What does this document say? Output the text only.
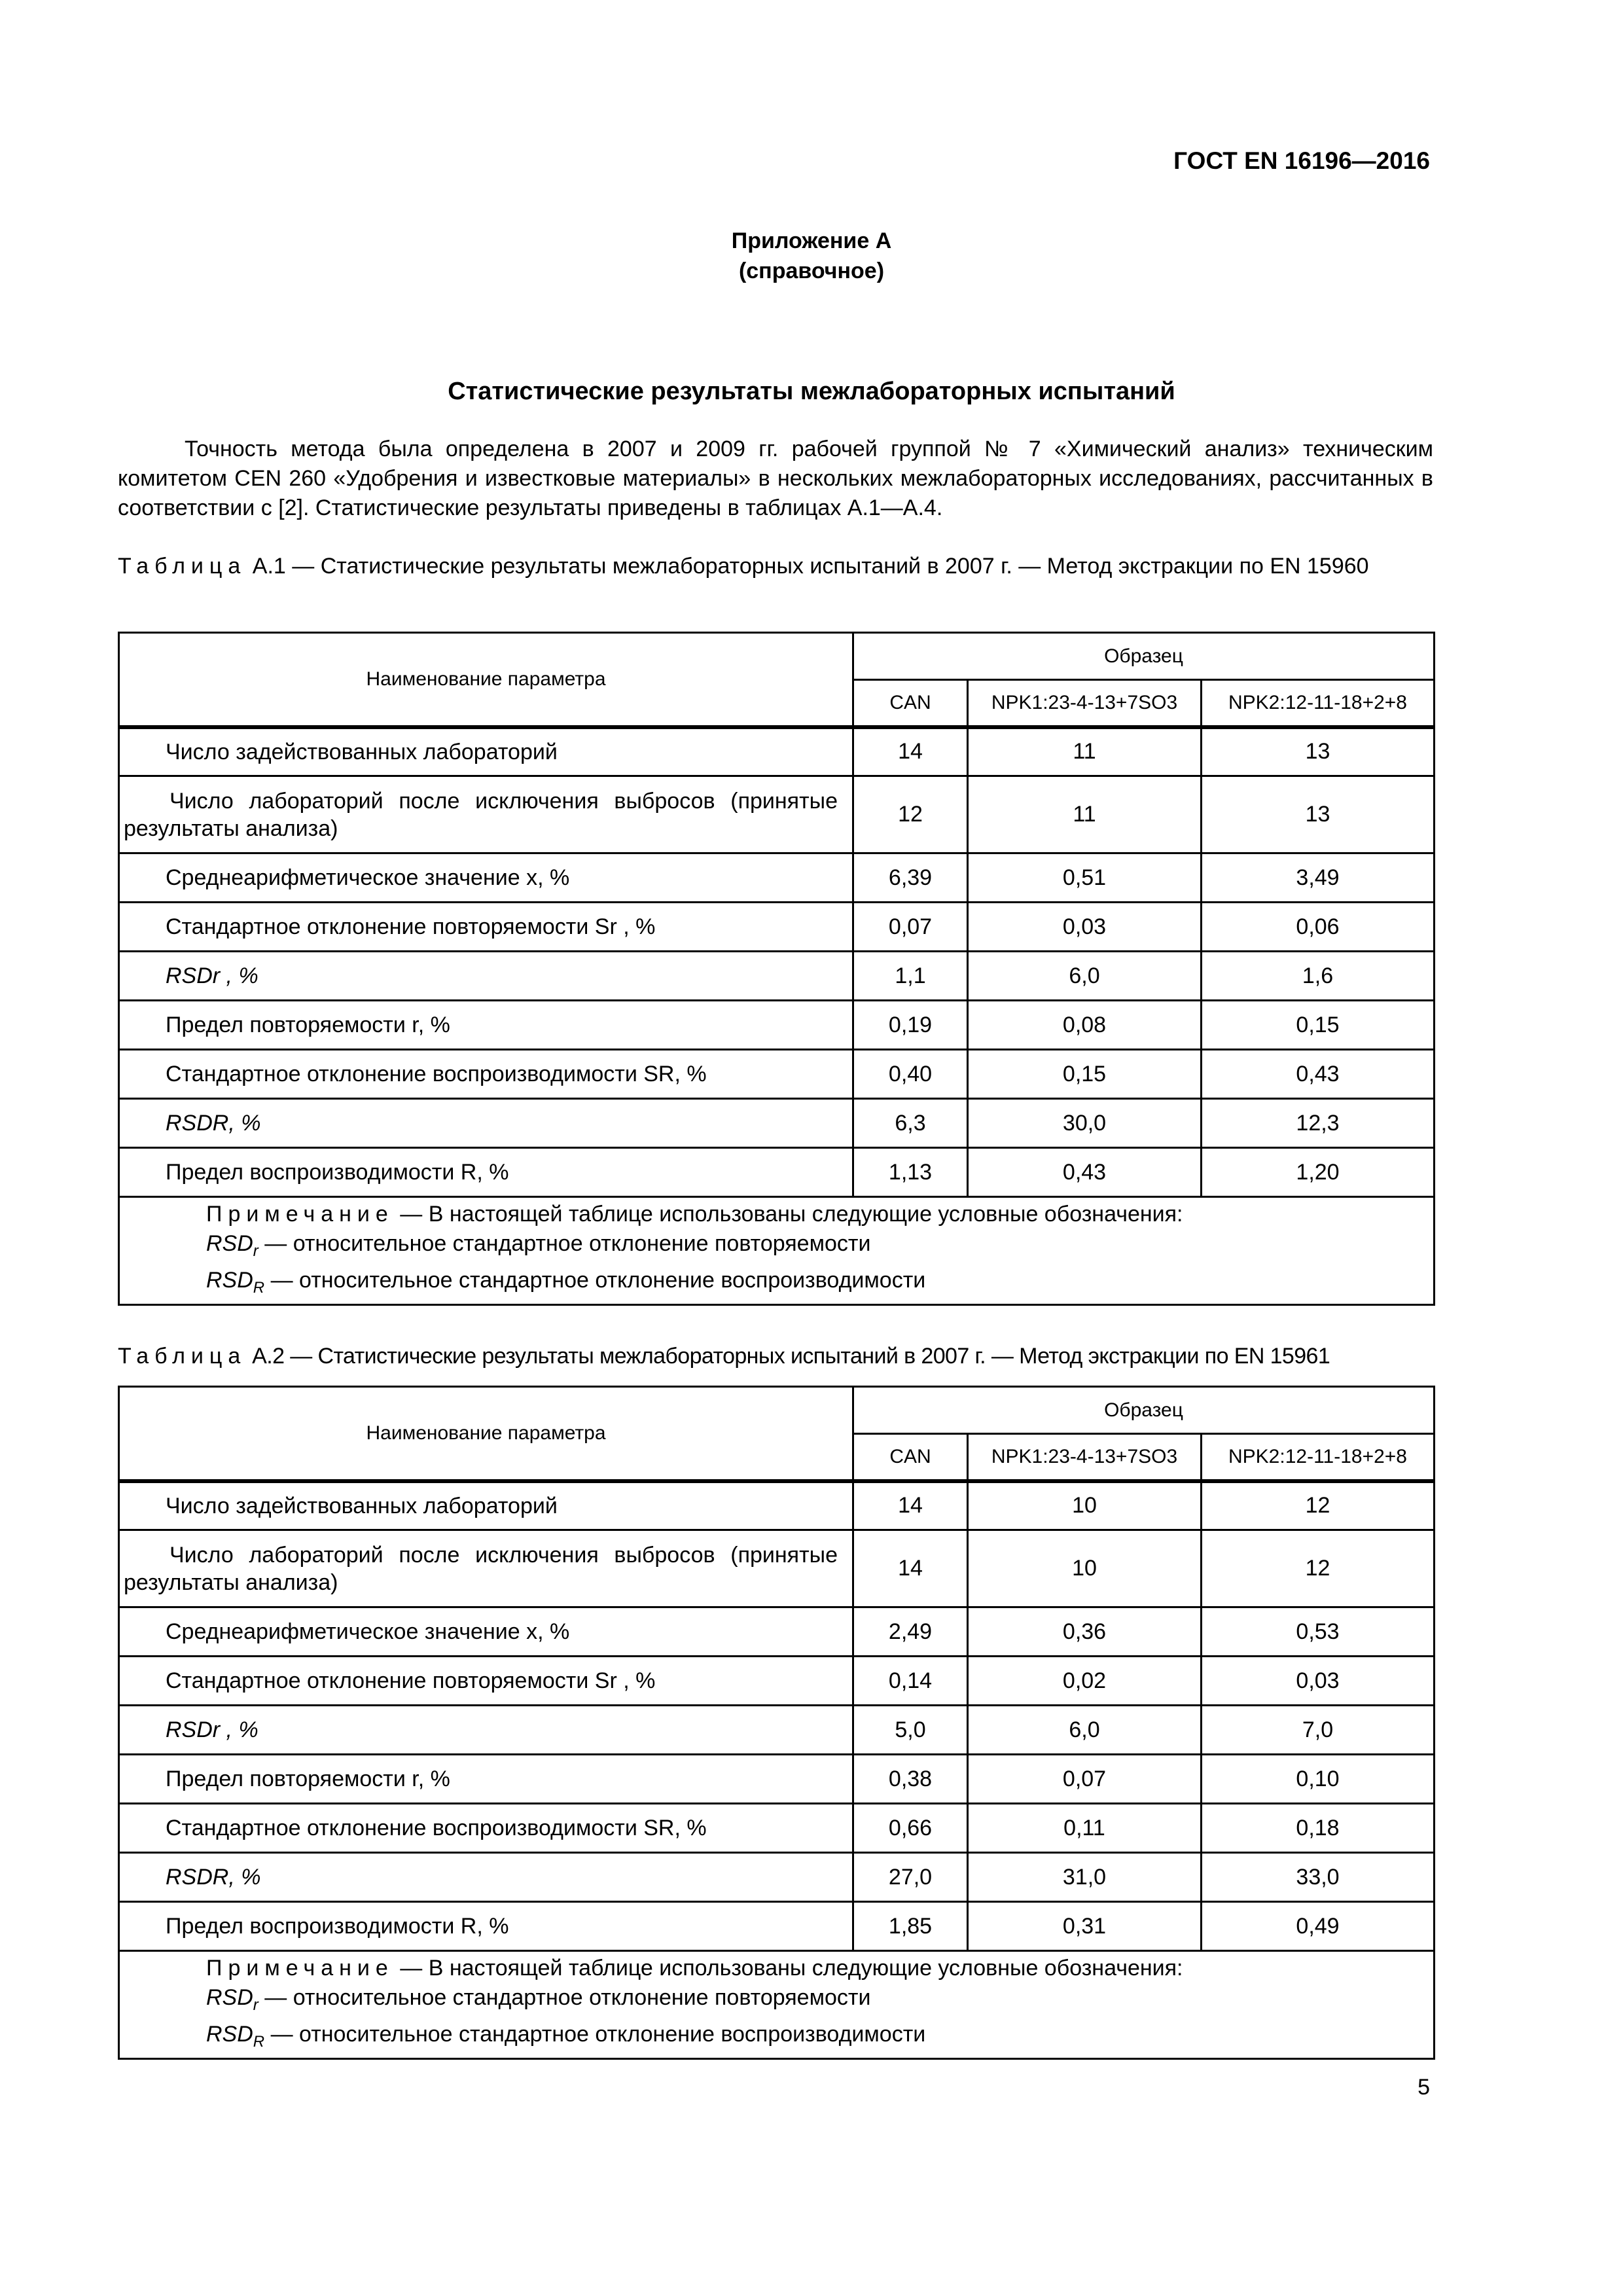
ГОСТ EN 16196—2016
Приложение А
(справочное)
Статистические результаты межлабораторных испытаний
Точность метода была определена в 2007 и 2009 гг. рабочей группой № 7 «Химический анализ» техническим комитетом CEN 260 «Удобрения и известковые материалы» в нескольких межлабораторных исследованиях, рассчитанных в соответствии с [2]. Статистические результаты приведены в таблицах А.1—А.4.
Таблица А.1 — Статистические результаты межлабораторных испытаний в 2007 г. — Метод экстракции по EN 15960
Наименование параметра	Образец		
	CAN	NPK1:23-4-13+7SO3	NPK2:12-11-18+2+8

Число задействованных лабораторий	14	11	13

Число лабораторий после исключения выбросов (принятые результаты анализа)	12	11	13

Среднеарифметическое значение x, %	6,39	0,51	3,49

Стандартное отклонение повторяемости Sr , %	0,07	0,03	0,06

RSDr , %	1,1	6,0	1,6

Предел повторяемости r, %	0,19	0,08	0,15

Стандартное отклонение воспроизводимости SR, %	0,40	0,15	0,43

RSDR, %	6,3	30,0	12,3

Предел воспроизводимости R, %	1,13	0,43	1,20

Примечание — В настоящей таблице использованы следующие условные обозначения:
$RSD_r$ — относительное стандартное отклонение повторяемости
$RSD_R$ — относительное стандартное отклонение воспроизводимости			
Таблица А.2 — Статистические результаты межлабораторных испытаний в 2007 г. — Метод экстракции по EN 15961
Наименование параметра	Образец		
	CAN	NPK1:23-4-13+7SO3	NPK2:12-11-18+2+8

Число задействованных лабораторий	14	10	12

Число лабораторий после исключения выбросов (принятые результаты анализа)	14	10	12

Среднеарифметическое значение x, %	2,49	0,36	0,53

Стандартное отклонение повторяемости Sr , %	0,14	0,02	0,03

RSDr , %	5,0	6,0	7,0

Предел повторяемости r, %	0,38	0,07	0,10

Стандартное отклонение воспроизводимости SR, %	0,66	0,11	0,18

RSDR, %	27,0	31,0	33,0

Предел воспроизводимости R, %	1,85	0,31	0,49

Примечание — В настоящей таблице использованы следующие условные обозначения:
$RSD_r$ — относительное стандартное отклонение повторяемости
$RSD_R$ — относительное стандартное отклонение воспроизводимости			
5
